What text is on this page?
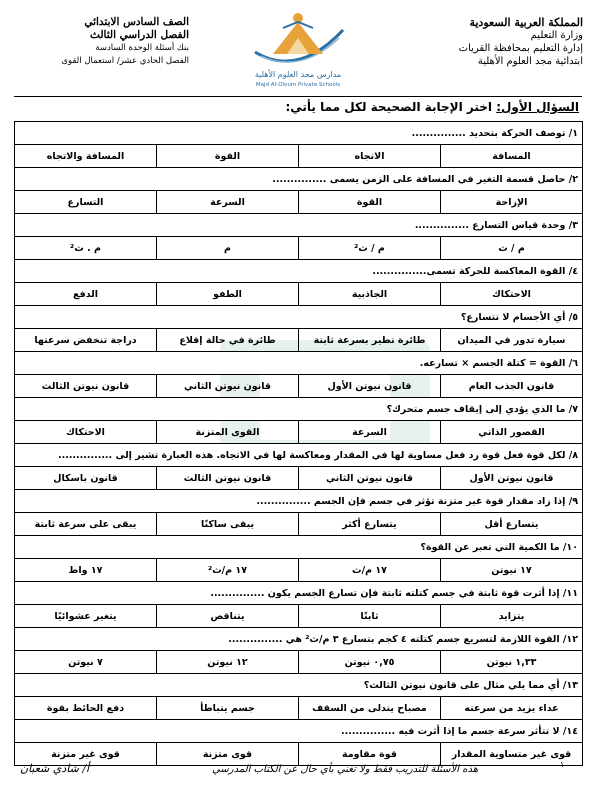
المملكة العربية السعودية
وزارة التعليم
إدارة التعليم بمحافظة القريات
ابتدائية مجد العلوم الأهلية
مدارس مجد العلوم الأهلية
Majd Al-Oloum Private Schools
الصف السادس الابتدائي
الفصل الدراسي الثالث
بنك أسئلة الوحدة السادسة
الفصل الحادي عشر/ استعمال القوى
السؤال الأول: اختر الإجابة الصحيحة لكل مما يأتي:
١/ توصف الحركة بتحديد ...............			
المسافة	الاتجاه	القوة	المسافة والاتجاه
٢/ حاصل قسمة التغير في المسافة على الزمن يسمى ...............			
الإزاحة	القوة	السرعة	التسارع
٣/ وحدة قياس التسارع ...............			
م / ث	م / ث²	م	م . ث²
٤/ القوة المعاكسة للحركة تسمى...............			
الاحتكاك	الجاذبية	الطفو	الدفع
٥/ أي الأجسام لا تتسارع؟			
سيارة تدور في الميدان	طائرة تطير بسرعة ثابتة	طائرة في حالة إقلاع	دراجة تنخفض سرعتها
٦/ القوة = كتلة الجسم × تسارعه.			
قانون الجذب العام	قانون نيوتن الأول	قانون نيوتن الثاني	قانون نيوتن الثالث
٧/ ما الذي يؤدي إلى إيقاف جسم متحرك؟			
القصور الذاتي	السرعة	القوى المتزنة	الاحتكاك
٨/ لكل قوة فعل قوة رد فعل مساوية لها في المقدار ومعاكسة لها في الاتجاه. هذه العبارة تشير إلى ...............			
قانون نيوتن الأول	قانون نيوتن الثاني	قانون نيوتن الثالث	قانون باسكال
٩/ إذا زاد مقدار قوة غير متزنة تؤثر في جسم فإن الجسم ...............			
يتسارع أقل	يتسارع أكثر	يبقى ساكنًا	يبقى على سرعة ثابتة
١٠/ ما الكمية التي تعبر عن القوة؟			
١٧ نيوتن	١٧ م/ث	١٧ م/ث²	١٧ واط
١١/ إذا أثرت قوة ثابتة في جسم كتلته ثابتة فإن تسارع الجسم يكون ...............			
يتزايد	ثابتًا	يتناقص	يتغير عشوائيًا
١٢/ القوة اللازمة لتسريع جسم كتلته ٤ كجم بتسارع ٣ م/ث² هي ...............			
١,٣٣ نيوتن	٠,٧٥ نيوتن	١٢ نيوتن	٧ نيوتن
١٣/ أي مما يلي مثال على قانون نيوتن الثالث؟			
عداء يزيد من سرعته	مصباح يتدلى من السقف	جسم يتباطأ	دفع الحائط بقوة
١٤/ لا تتأثر سرعة جسم ما إذا أثرت فيه ...............			
قوى غير متساوية المقدار	قوة مقاومة	قوى متزنة	قوى غير متزنة
١
هذه الأسئلة للتدريب فقط ولا تغني بأي حال عن الكتاب المدرسي
أ/ شادي شعبان
